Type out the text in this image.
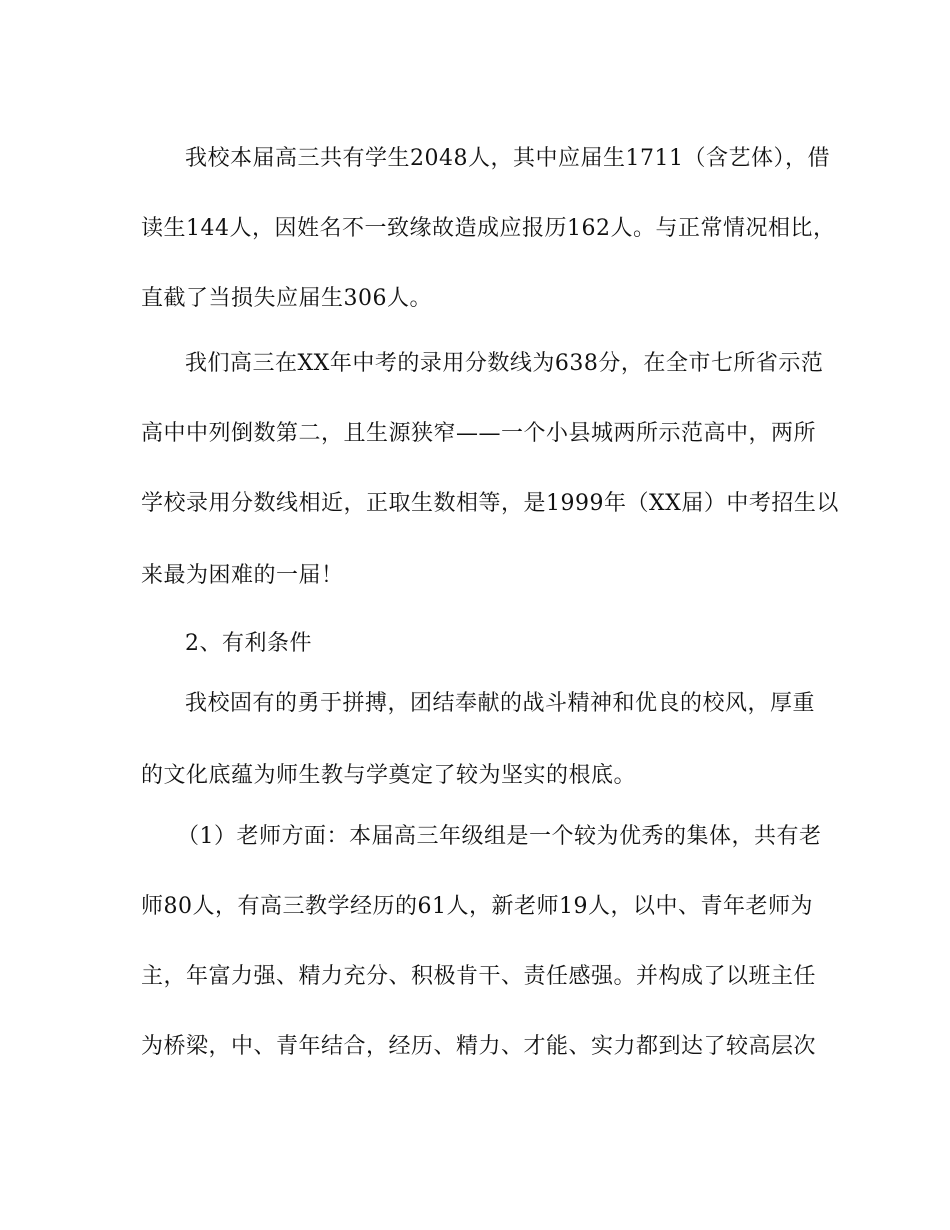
我校本届高三共有学生2048人，其中应届生1711（含艺体），借
读生144人，因姓名不一致缘故造成应报历162人。与正常情况相比，
直截了当损失应届生306人。
我们高三在XX年中考的录用分数线为638分，在全市七所省示范
高中中列倒数第二，且生源狭窄——一个小县城两所示范高中，两所
学校录用分数线相近，正取生数相等，是1999年（XX届）中考招生以
来最为困难的一届！
2、有利条件
我校固有的勇于拼搏，团结奉献的战斗精神和优良的校风，厚重
的文化底蕴为师生教与学奠定了较为坚实的根底。
（1）老师方面：本届高三年级组是一个较为优秀的集体，共有老
师80人，有高三教学经历的61人，新老师19人，以中、青年老师为
主，年富力强、精力充分、积极肯干、责任感强。并构成了以班主任
为桥梁，中、青年结合，经历、精力、才能、实力都到达了较高层次
